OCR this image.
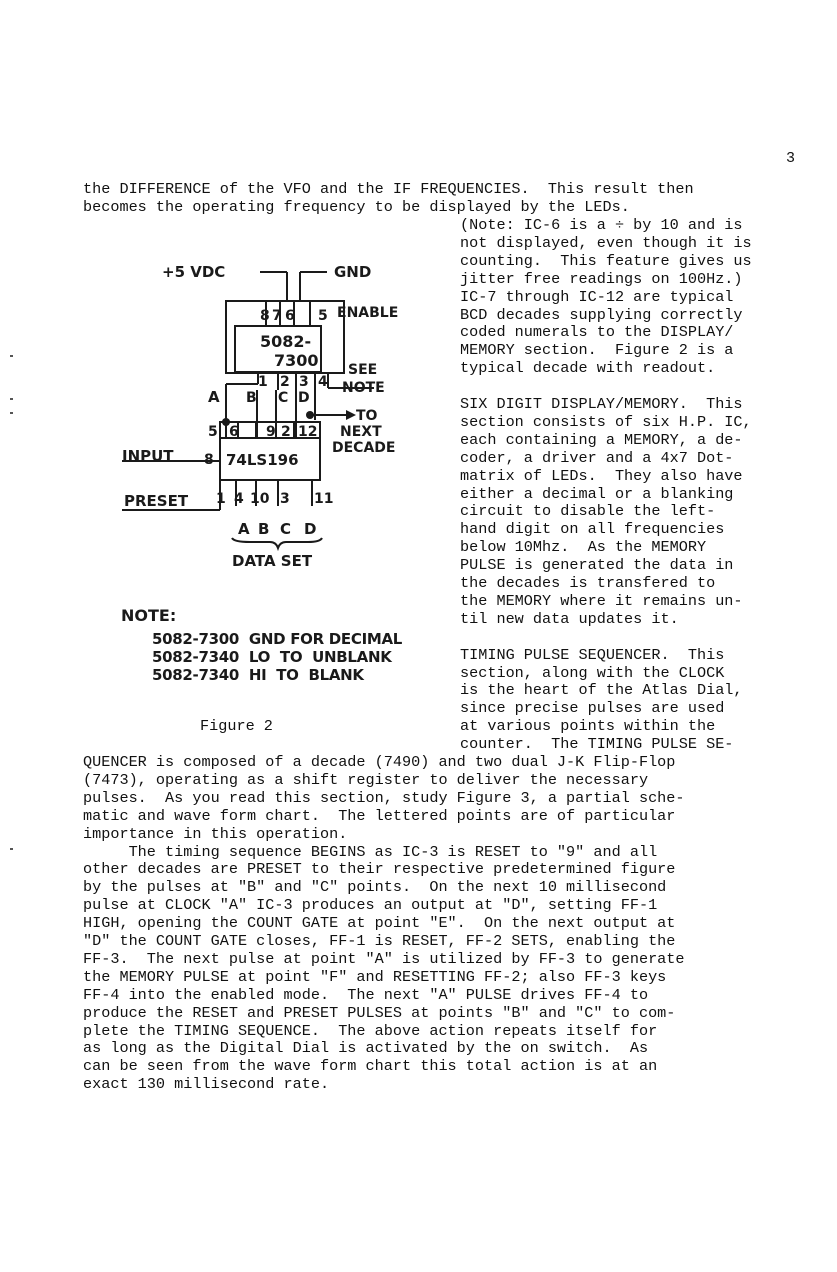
3

the DIFFERENCE of the VFO and the IF FREQUENCIES.  This result then

becomes the operating frequency to be displayed by the LEDs.

(Note: IC-6 is a ÷ by 10 and is

not displayed, even though it is

counting.  This feature gives us

jitter free readings on 100Hz.)

IC-7 through IC-12 are typical

BCD decades supplying correctly

coded numerals to the DISPLAY/

MEMORY section.  Figure 2 is a

typical decade with readout.

SIX DIGIT DISPLAY/MEMORY.  This

section consists of six H.P. IC,

each containing a MEMORY, a de-

coder, a driver and a 4x7 Dot-

matrix of LEDs.  They also have

either a decimal or a blanking

circuit to disable the left-

hand digit on all frequencies

below 10Mhz.  As the MEMORY

PULSE is generated the data in

the decades is transfered to

the MEMORY where it remains un-

til new data updates it.

TIMING PULSE SEQUENCER.  This

section, along with the CLOCK

is the heart of the Atlas Dial,

since precise pulses are used

at various points within the

counter.  The TIMING PULSE SE-

QUENCER is composed of a decade (7490) and two dual J-K Flip-Flop

(7473), operating as a shift register to deliver the necessary

pulses.  As you read this section, study Figure 3, a partial sche-

matic and wave form chart.  The lettered points are of particular

importance in this operation.

The timing sequence BEGINS as IC-3 is RESET to "9" and all

other decades are PRESET to their respective predetermined figure

by the pulses at "B" and "C" points.  On the next 10 millisecond

pulse at CLOCK "A" IC-3 produces an output at "D", setting FF-1

HIGH, opening the COUNT GATE at point "E".  On the next output at

"D" the COUNT GATE closes, FF-1 is RESET, FF-2 SETS, enabling the

FF-3.  The next pulse at point "A" is utilized by FF-3 to generate

the MEMORY PULSE at point "F" and RESETTING FF-2; also FF-3 keys

FF-4 into the enabled mode.  The next "A" PULSE drives FF-4 to

produce the RESET and PRESET PULSES at points "B" and "C" to com-

plete the TIMING SEQUENCE.  The above action repeats itself for

as long as the Digital Dial is activated by the on switch.  As

can be seen from the wave form chart this total action is at an

exact 130 millisecond rate.

+5 VDC	GND
ENABLE
8 7 6 5
5082-
7300 SEE
NOTE
1 2 3 4
B C D
A
TO
NEXT
DECADE
5 6 9 2 12
8
INPUT	74LS196
PRESET 1 4 10 3 11
A B C D
DATA SET

NOTE:

5082-7300  GND FOR DECIMAL

5082-7340  LO  TO  UNBLANK

5082-7340  HI  TO  BLANK

Figure 2
